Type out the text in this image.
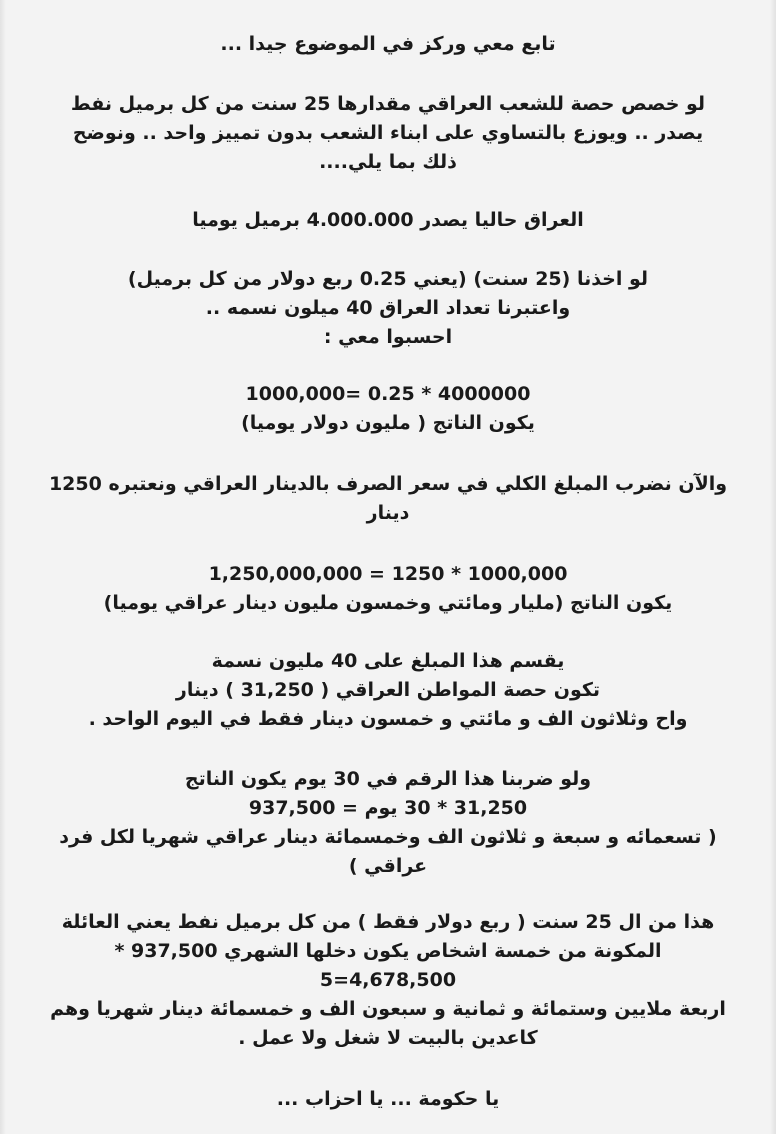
تابع معي وركز في الموضوع جيدا ...
لو خصص حصة للشعب العراقي مقدارها 25 سنت من كل برميل نفط
يصدر .. ويوزع بالتساوي على ابناء الشعب بدون تمييز واحد .. ونوضح
ذلك بما يلي....
العراق حاليا يصدر 4.000.000 برميل يوميا
لو اخذنا (25 سنت) (يعني 0.25 ربع دولار من كل برميل)
واعتبرنا تعداد العراق 40 ميلون نسمه ..
احسبوا معي :
4000000 * 0.25 =1000,000
يكون الناتج ( مليون دولار يوميا)
والآن نضرب المبلغ الكلي في سعر الصرف بالدينار العراقي ونعتبره 1250
دينار
1000,000 * 1250 = 1,250,000,000
يكون الناتج (مليار ومائتي وخمسون مليون دينار عراقي يوميا)
يقسم هذا المبلغ على 40 مليون نسمة
تكون حصة المواطن العراقي ( 31,250 ) دينار
واح وثلاثون الف و مائتي و خمسون دينار فقط في اليوم الواحد .
ولو ضربنا هذا الرقم في 30 يوم يكون الناتج
31,250 * 30 يوم = 937,500
( تسعمائه و سبعة و ثلاثون الف وخمسمائة دينار عراقي شهريا لكل فرد
عراقي )
هذا من ال 25 سنت ( ربع دولار فقط ) من كل برميل نفط يعني العائلة
المكونة من خمسة اشخاص يكون دخلها الشهري 937,500 *
4,678,500=5
اربعة ملايين وستمائة و ثمانية و سبعون الف و خمسمائة دينار شهريا وهم
كاعدين بالبيت لا شغل ولا عمل .
يا حكومة ... يا احزاب ...
